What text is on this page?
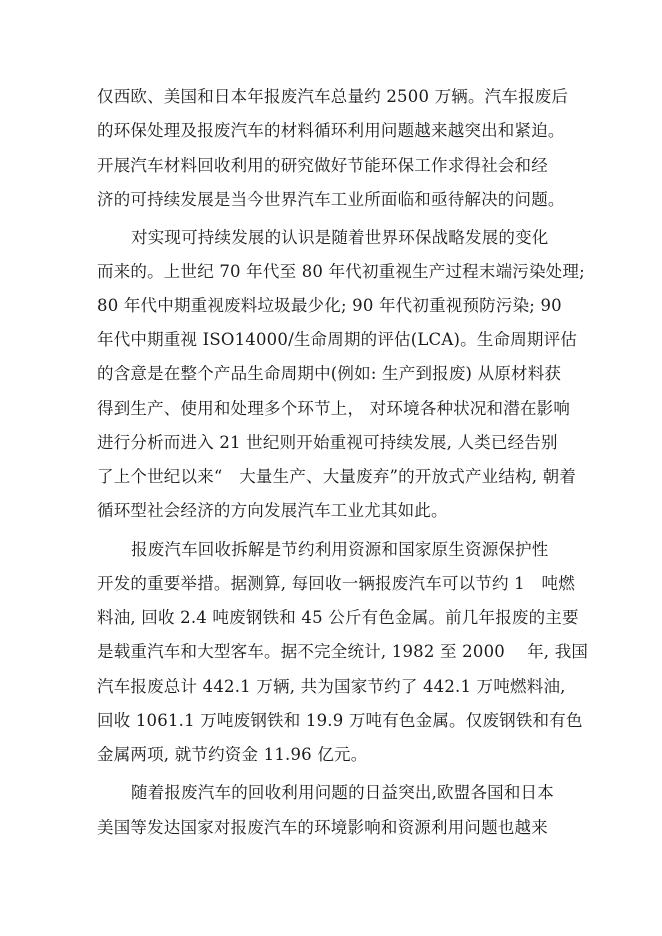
仅西欧、美国和日本年报废汽车总量约 2500 万辆。汽车报废后
的环保处理及报废汽车的材料循环利用问题越来越突出和紧迫。
开展汽车材料回收利用的研究做好节能环保工作求得社会和经
济的可持续发展是当今世界汽车工业所面临和亟待解决的问题。
对实现可持续发展的认识是随着世界环保战略发展的变化
而来的。上世纪 70 年代至 80 年代初重视生产过程末端污染处理;
80 年代中期重视废料垃圾最少化; 90 年代初重视预防污染; 90
年代中期重视 ISO14000/生命周期的评估(LCA)。生命周期评估
的含意是在整个产品生命周期中(例如: 生产到报废) 从原材料获
得到生产、使用和处理多个环节上， 对环境各种状况和潜在影响
进行分析而进入 21 世纪则开始重视可持续发展, 人类已经告别
了上个世纪以来“　大量生产、大量废弃”的开放式产业结构, 朝着
循环型社会经济的方向发展汽车工业尤其如此。
报废汽车回收拆解是节约利用资源和国家原生资源保护性
开发的重要举措。据测算, 每回收一辆报废汽车可以节约 1　吨燃
料油, 回收 2.4 吨废钢铁和 45 公斤有色金属。前几年报废的主要
是载重汽车和大型客车。据不完全统计, 1982 至 2000　 年, 我国
汽车报废总计 442.1 万辆, 共为国家节约了 442.1 万吨燃料油,
回收 1061.1 万吨废钢铁和 19.9 万吨有色金属。仅废钢铁和有色
金属两项, 就节约资金 11.96 亿元。
随着报废汽车的回收利用问题的日益突出,欧盟各国和日本
美国等发达国家对报废汽车的环境影响和资源利用问题也越来
